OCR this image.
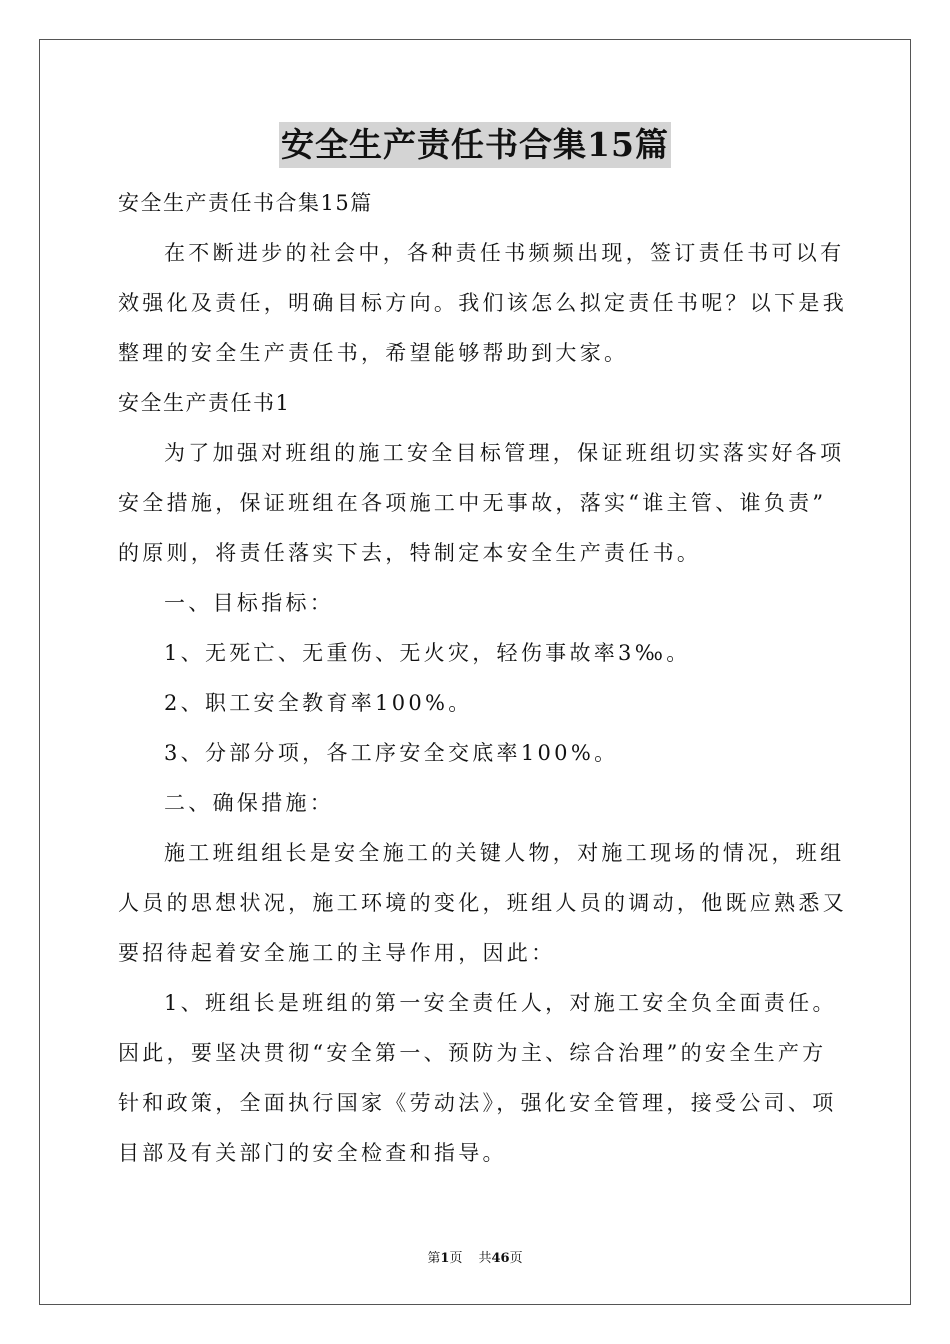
安全生产责任书合集15篇
安全生产责任书合集15篇
在不断进步的社会中，各种责任书频频出现，签订责任书可以有
效强化及责任，明确目标方向。我们该怎么拟定责任书呢？以下是我
整理的安全生产责任书，希望能够帮助到大家。
安全生产责任书1
为了加强对班组的施工安全目标管理，保证班组切实落实好各项
安全措施，保证班组在各项施工中无事故，落实“谁主管、谁负责”
的原则，将责任落实下去，特制定本安全生产责任书。
一、目标指标：
1、无死亡、无重伤、无火灾，轻伤事故率3‰。
2、职工安全教育率100%。
3、分部分项，各工序安全交底率100%。
二、确保措施：
施工班组组长是安全施工的关键人物，对施工现场的情况，班组
人员的思想状况，施工环境的变化，班组人员的调动，他既应熟悉又
要招待起着安全施工的主导作用，因此：
1、班组长是班组的第一安全责任人，对施工安全负全面责任。
因此，要坚决贯彻“安全第一、预防为主、综合治理”的安全生产方
针和政策，全面执行国家《劳动法》，强化安全管理，接受公司、项
目部及有关部门的安全检查和指导。
第1页 共46页
